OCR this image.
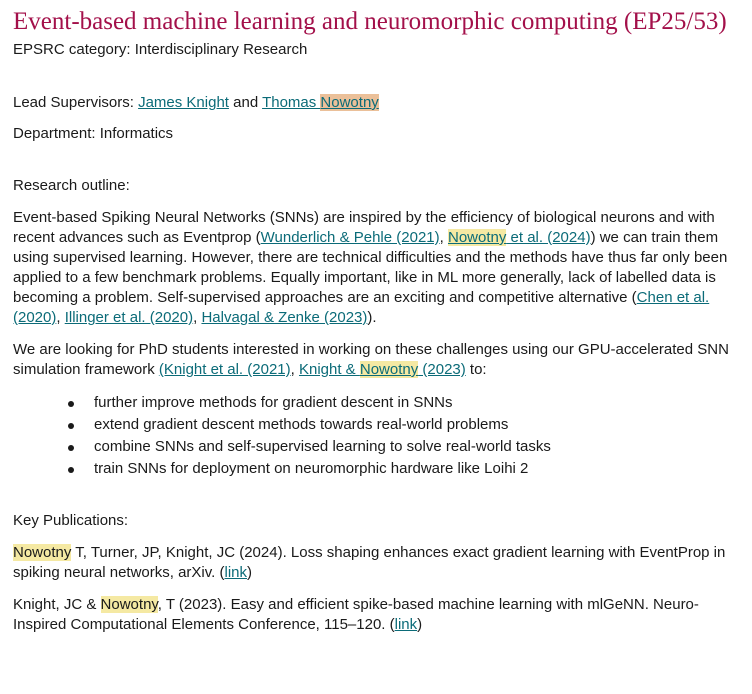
Event-based machine learning and neuromorphic computing (EP25/53)

EPSRC category: Interdisciplinary Research

Lead Supervisors: James Knight and Thomas Nowotny

Department: Informatics

Research outline:

Event-based Spiking Neural Networks (SNNs) are inspired by the efficiency of biological neurons and with recent advances such as Eventprop (Wunderlich & Pehle (2021), Nowotny et al. (2024)) we can train them using supervised learning. However, there are technical difficulties and the methods have thus far only been applied to a few benchmark problems. Equally important, like in ML more generally, lack of labelled data is becoming a problem. Self-supervised approaches are an exciting and competitive alternative (Chen et al. (2020), Illinger et al. (2020), Halvagal & Zenke (2023)).

We are looking for PhD students interested in working on these challenges using our GPU-accelerated SNN simulation framework (Knight et al. (2021), Knight & Nowotny (2023) to:

further improve methods for gradient descent in SNNs
extend gradient descent methods towards real-world problems
combine SNNs and self-supervised learning to solve real-world tasks
train SNNs for deployment on neuromorphic hardware like Loihi 2

Key Publications:

Nowotny T, Turner, JP, Knight, JC (2024). Loss shaping enhances exact gradient learning with EventProp in spiking neural networks, arXiv. (link)

Knight, JC & Nowotny, T (2023). Easy and efficient spike-based machine learning with mlGeNN. Neuro-Inspired Computational Elements Conference, 115–120. (link)
